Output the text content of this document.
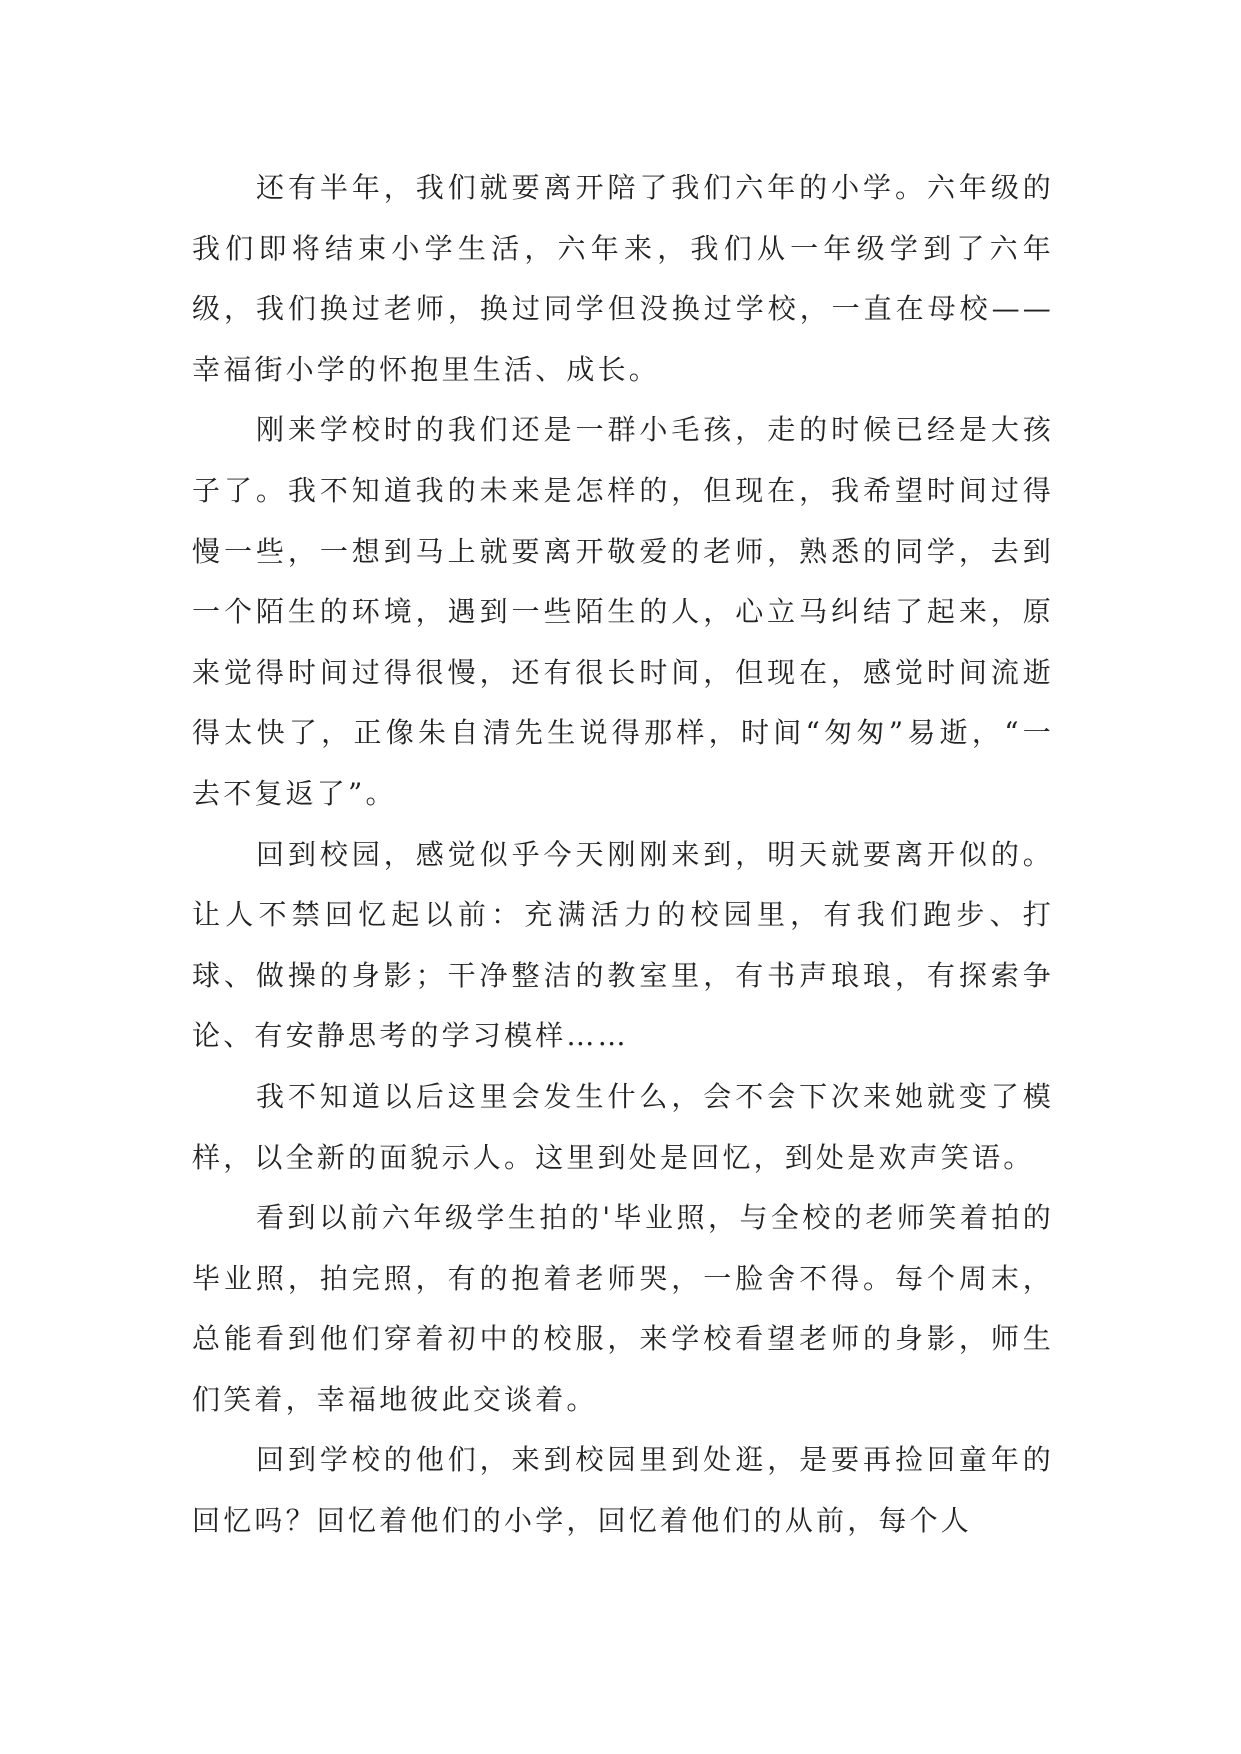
还有半年，我们就要离开陪了我们六年的小学。六年级的我们即将结束小学生活，六年来，我们从一年级学到了六年级，我们换过老师，换过同学但没换过学校，一直在母校——幸福街小学的怀抱里生活、成长。

刚来学校时的我们还是一群小毛孩，走的时候已经是大孩子了。我不知道我的未来是怎样的，但现在，我希望时间过得慢一些，一想到马上就要离开敬爱的老师，熟悉的同学，去到一个陌生的环境，遇到一些陌生的人，心立马纠结了起来，原来觉得时间过得很慢，还有很长时间，但现在，感觉时间流逝得太快了，正像朱自清先生说得那样，时间“匆匆”易逝，“一去不复返了”。

回到校园，感觉似乎今天刚刚来到，明天就要离开似的。让人不禁回忆起以前：充满活力的校园里，有我们跑步、打球、做操的身影；干净整洁的教室里，有书声琅琅，有探索争论、有安静思考的学习模样……

我不知道以后这里会发生什么，会不会下次来她就变了模样，以全新的面貌示人。这里到处是回忆，到处是欢声笑语。

看到以前六年级学生拍的'毕业照，与全校的老师笑着拍的毕业照，拍完照，有的抱着老师哭，一脸舍不得。每个周末，总能看到他们穿着初中的校服，来学校看望老师的身影，师生们笑着，幸福地彼此交谈着。

回到学校的他们，来到校园里到处逛，是要再捡回童年的回忆吗？回忆着他们的小学，回忆着他们的从前，每个人
